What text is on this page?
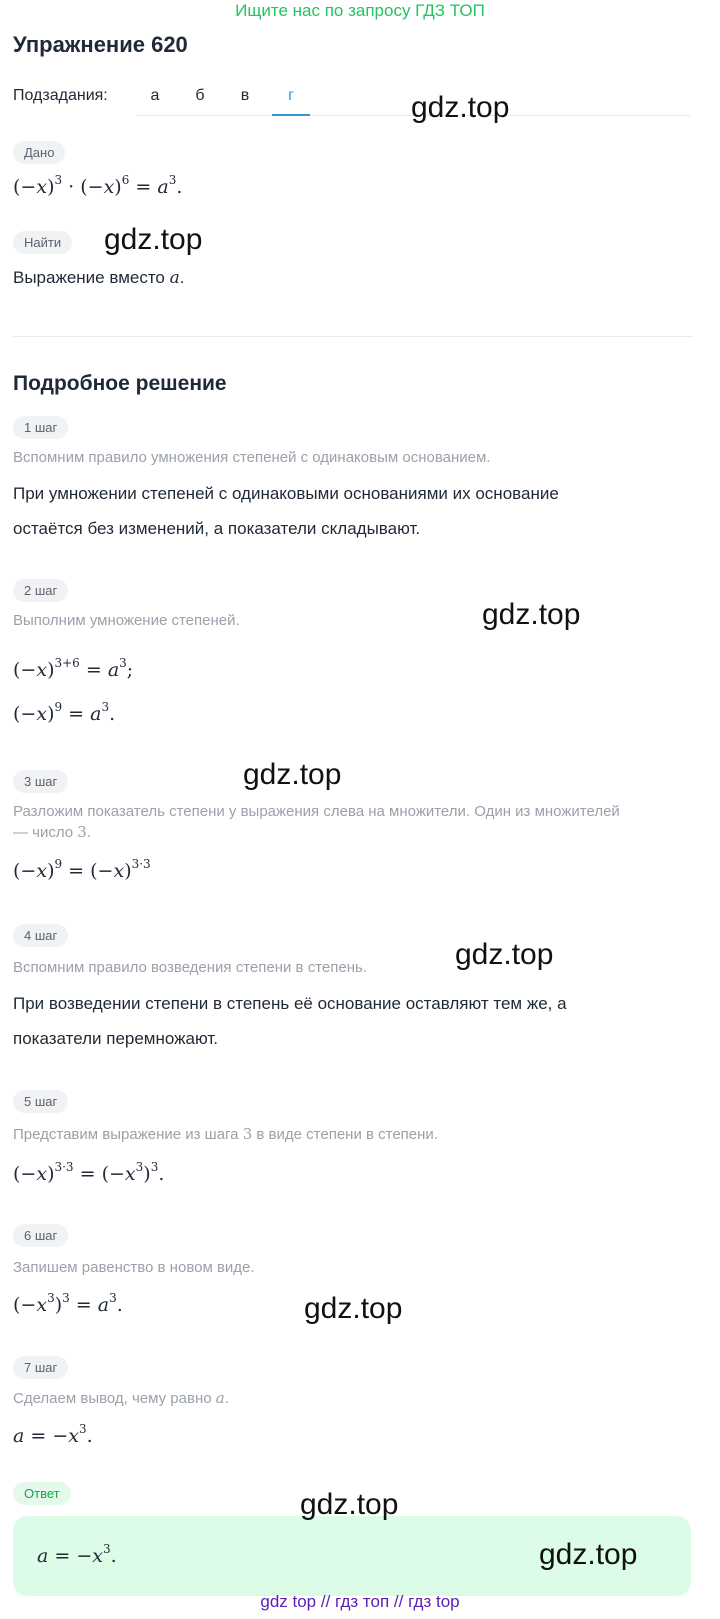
Ищите нас по запросу ГДЗ ТОП
Упражнение 620
Подзадания:	а	б	в	г
Дано
$(-x)^3 \cdot (-x)^6 = a^3$.
Найти
Выражение вместо a.
Подробное решение
1 шаг
Вспомним правило умножения степеней с одинаковым основанием.
При умножении степеней с одинаковыми основаниями их основание
остаётся без изменений, а показатели складывают.
2 шаг
Выполним умножение степеней.
$(-x)^{3+6} = a^3$;
$(-x)^9 = a^3$.
3 шаг
Разложим показатель степени у выражения слева на множители. Один из множителей
— число 3.
$(-x)^9 = (-x)^{3\cdot 3}$
4 шаг
Вспомним правило возведения степени в степень.
При возведении степени в степень её основание оставляют тем же, а
показатели перемножают.
5 шаг
Представим выражение из шага 3 в виде степени в степени.
$(-x)^{3\cdot 3} = (-x^3)^3$.
6 шаг
Запишем равенство в новом виде.
$(-x^3)^3 = a^3$.
7 шаг
Сделаем вывод, чему равно a.
$a = -x^3$.
Ответ
$a = -x^3$.
gdz.top
gdz.top
gdz.top
gdz.top
gdz.top
gdz.top
gdz.top
gdz.top
gdz top // гдз топ // гдз top
